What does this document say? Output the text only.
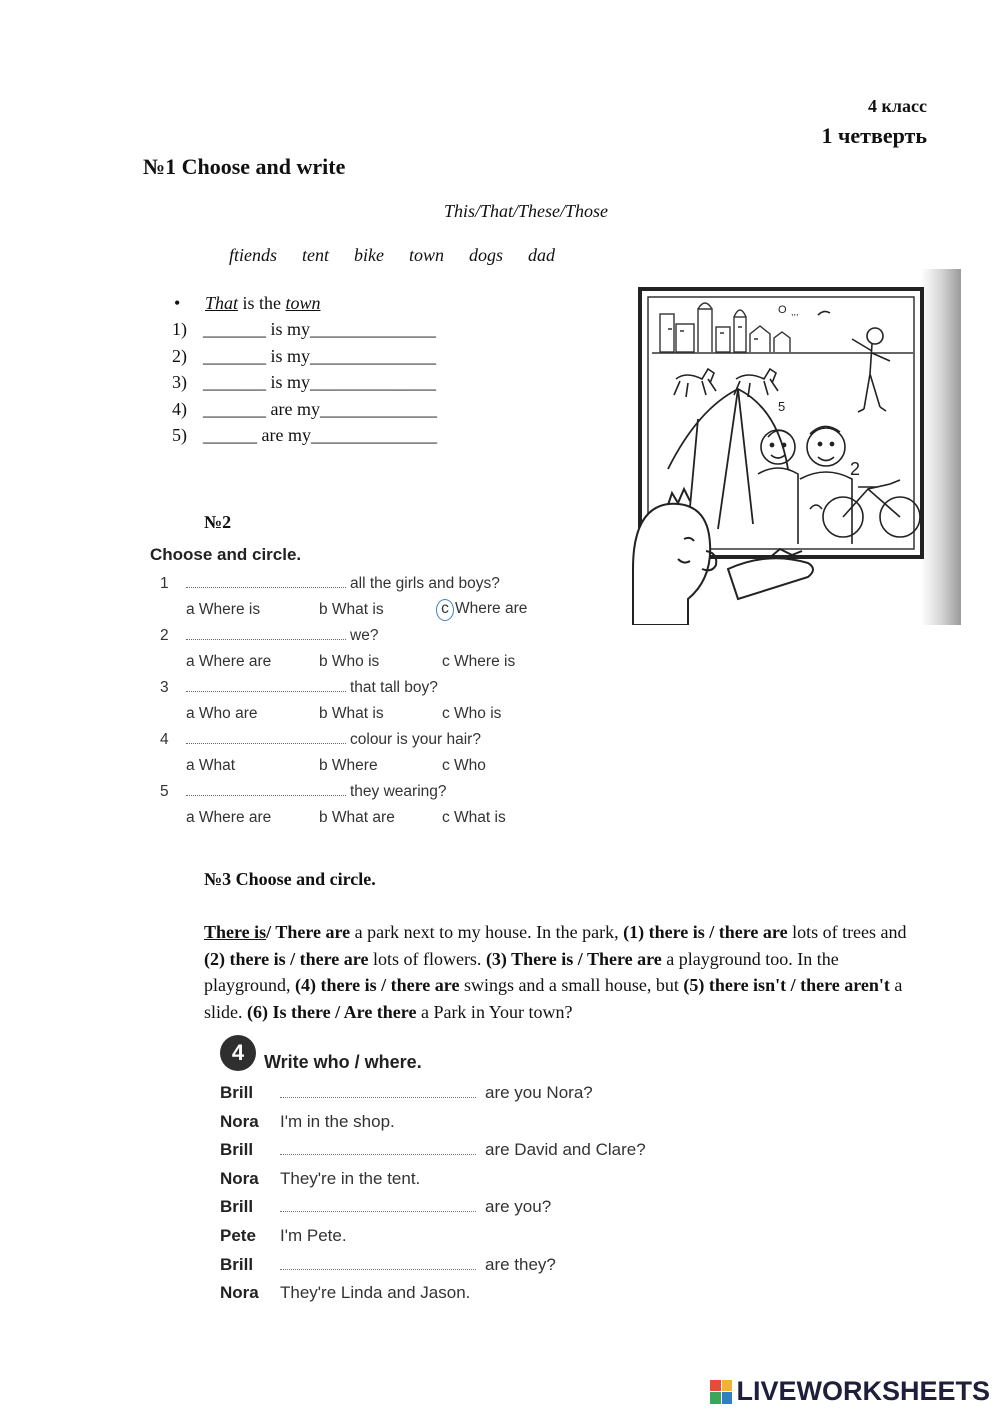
4 класс
1 четверть
№1 Choose and write
This/That/These/Those
ftiends  tent  bike  town  dogs  dad
•	That is the town
1) _______ is my______________
2) _______ is my______________
3) _______ is my______________
4) _______ are my_____________
5) ______ are my______________
O ,,,
5
2
№2
Choose and circle.
1	all the girls and boys?
a Where is	b What is	c Where are
2	we?
a Where are	b Who is	c Where is
3	that tall boy?
a Who are	b What is	c Who is
4	colour is your hair?
a What	b Where	c Who
5	they wearing?
a Where are	b What are	c What is
№3 Choose and circle.
There is/ There are a park next to my house. In the park, (1) there is / there are lots of trees and (2) there is / there are lots of flowers. (3) There is / There are a playground too. In the playground, (4) there is / there are swings and a small house, but (5) there isn't / there aren't a slide. (6) Is there / Are there a Park in Your town?
4	Write who / where.
Brill	are you Nora?
Nora I'm in the shop.
Brill	are David and Clare?
Nora They're in the tent.
Brill	are you?
Pete I'm Pete.
Brill	are they?
Nora They're Linda and Jason.
LIVEWORKSHEETS
